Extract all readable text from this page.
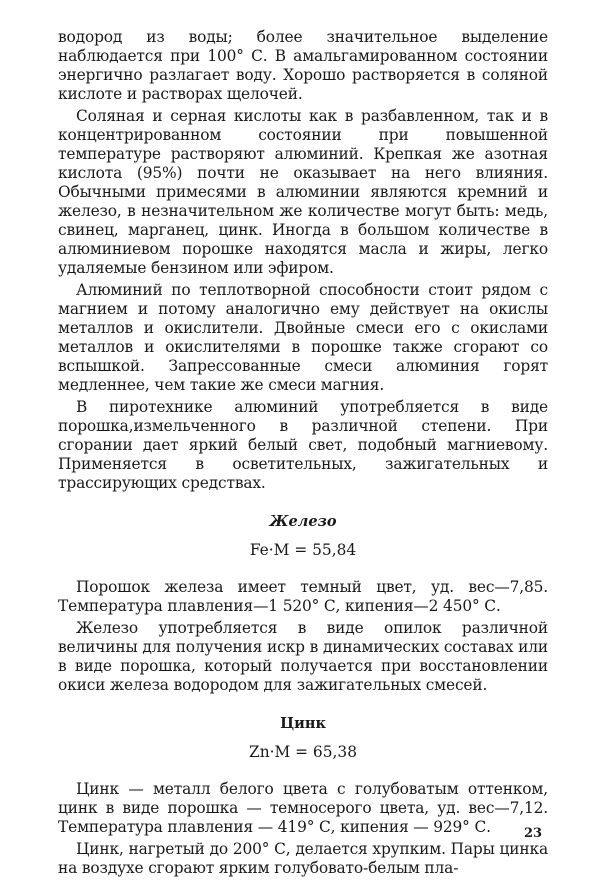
водород из воды; более значительное выделение наблюдается при 100° С. В амальгамированном состоянии энергично разлагает воду. Хорошо растворяется в соляной кислоте и растворах щелочей.

Соляная и серная кислоты как в разбавленном, так и в концентрированном состоянии при повышенной температуре растворяют алюминий. Крепкая же азотная кислота (95%) почти не оказывает на него влияния. Обычными примесями в алюминии являются кремний и железо, в незначительном же количестве могут быть: медь, свинец, марганец, цинк. Иногда в большом количестве в алюминиевом порошке находятся масла и жиры, легко удаляемые бензином или эфиром.

Алюминий по теплотворной способности стоит рядом с магнием и потому аналогично ему действует на окислы металлов и окислители. Двойные смеси его с окислами металлов и окислителями в порошке также сгорают со вспышкой. Запрессованные смеси алюминия горят медленнее, чем такие же смеси магния.

В пиротехнике алюминий употребляется в виде порошка,измельченного в различной степени. При сгорании дает яркий белый свет, подобный магниевому. Применяется в осветительных, зажигательных и трассирующих средствах.

Железо
Fe·M = 55,84

Порошок железа имеет темный цвет, уд. вес—7,85. Температура плавления—1 520° С, кипения—2 450° С.

Железо употребляется в виде опилок различной величины для получения искр в динамических составах или в виде порошка, который получается при восстановлении окиси железа водородом для зажигательных смесей.

Цинк
Zn·M = 65,38

Цинк — металл белого цвета с голубоватым оттенком, цинк в виде порошка — темносерого цвета, уд. вес—7,12. Температура плавления — 419° С, кипения — 929° С.

Цинк, нагретый до 200° С, делается хрупким. Пары цинка на воздухе сгорают ярким голубовато-белым пла-

23
